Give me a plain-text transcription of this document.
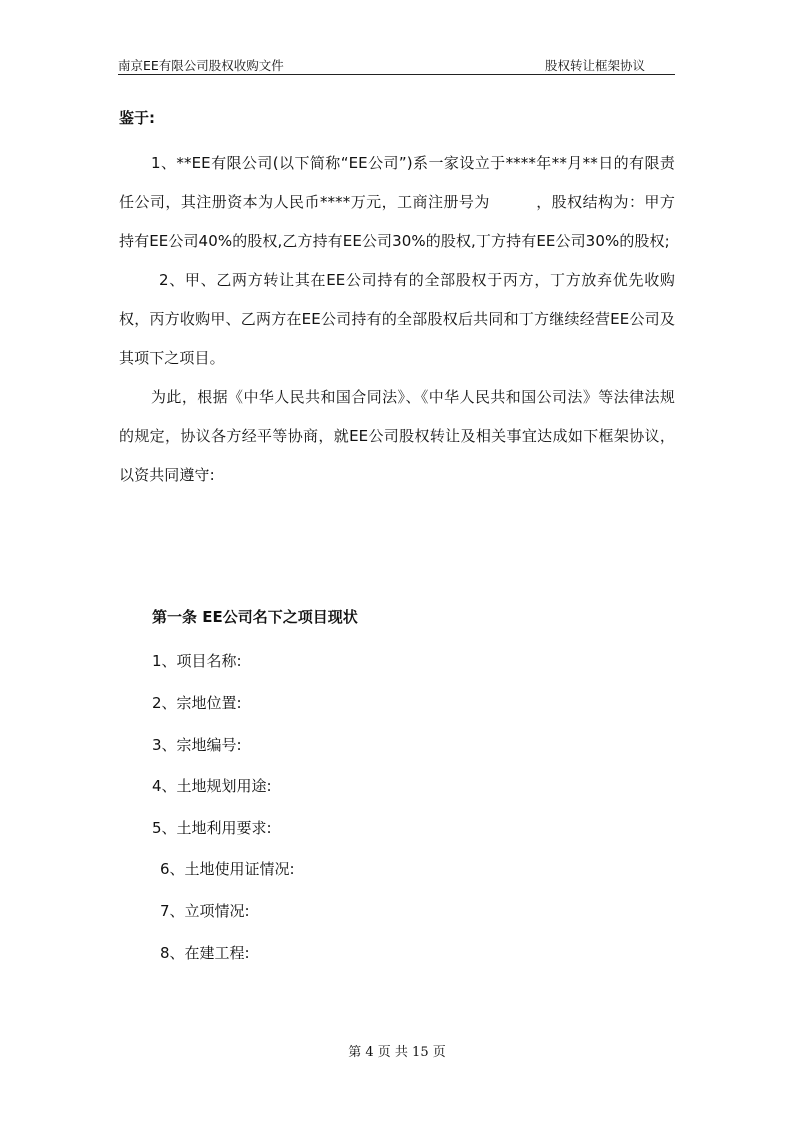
南京EE有限公司股权收购文件	股权转让框架协议

鉴于:

1、**EE有限公司(以下简称“EE公司”)系一家设立于****年**月**日的有限责任公司，其注册资本为人民币****万元，工商注册号为　　　，股权结构为：甲方持有EE公司40%的股权,乙方持有EE公司30%的股权,丁方持有EE公司30%的股权;

2、甲、乙两方转让其在EE公司持有的全部股权于丙方，丁方放弃优先收购权，丙方收购甲、乙两方在EE公司持有的全部股权后共同和丁方继续经营EE公司及其项下之项目。

为此，根据《中华人民共和国合同法》、《中华人民共和国公司法》等法律法规的规定，协议各方经平等协商，就EE公司股权转让及相关事宜达成如下框架协议，以资共同遵守:

第一条 EE公司名下之项目现状
1、项目名称:
2、宗地位置:
3、宗地编号:
4、土地规划用途:
5、土地利用要求:
6、土地使用证情况:
7、立项情况:
8、在建工程:
第 4 页 共 15 页
